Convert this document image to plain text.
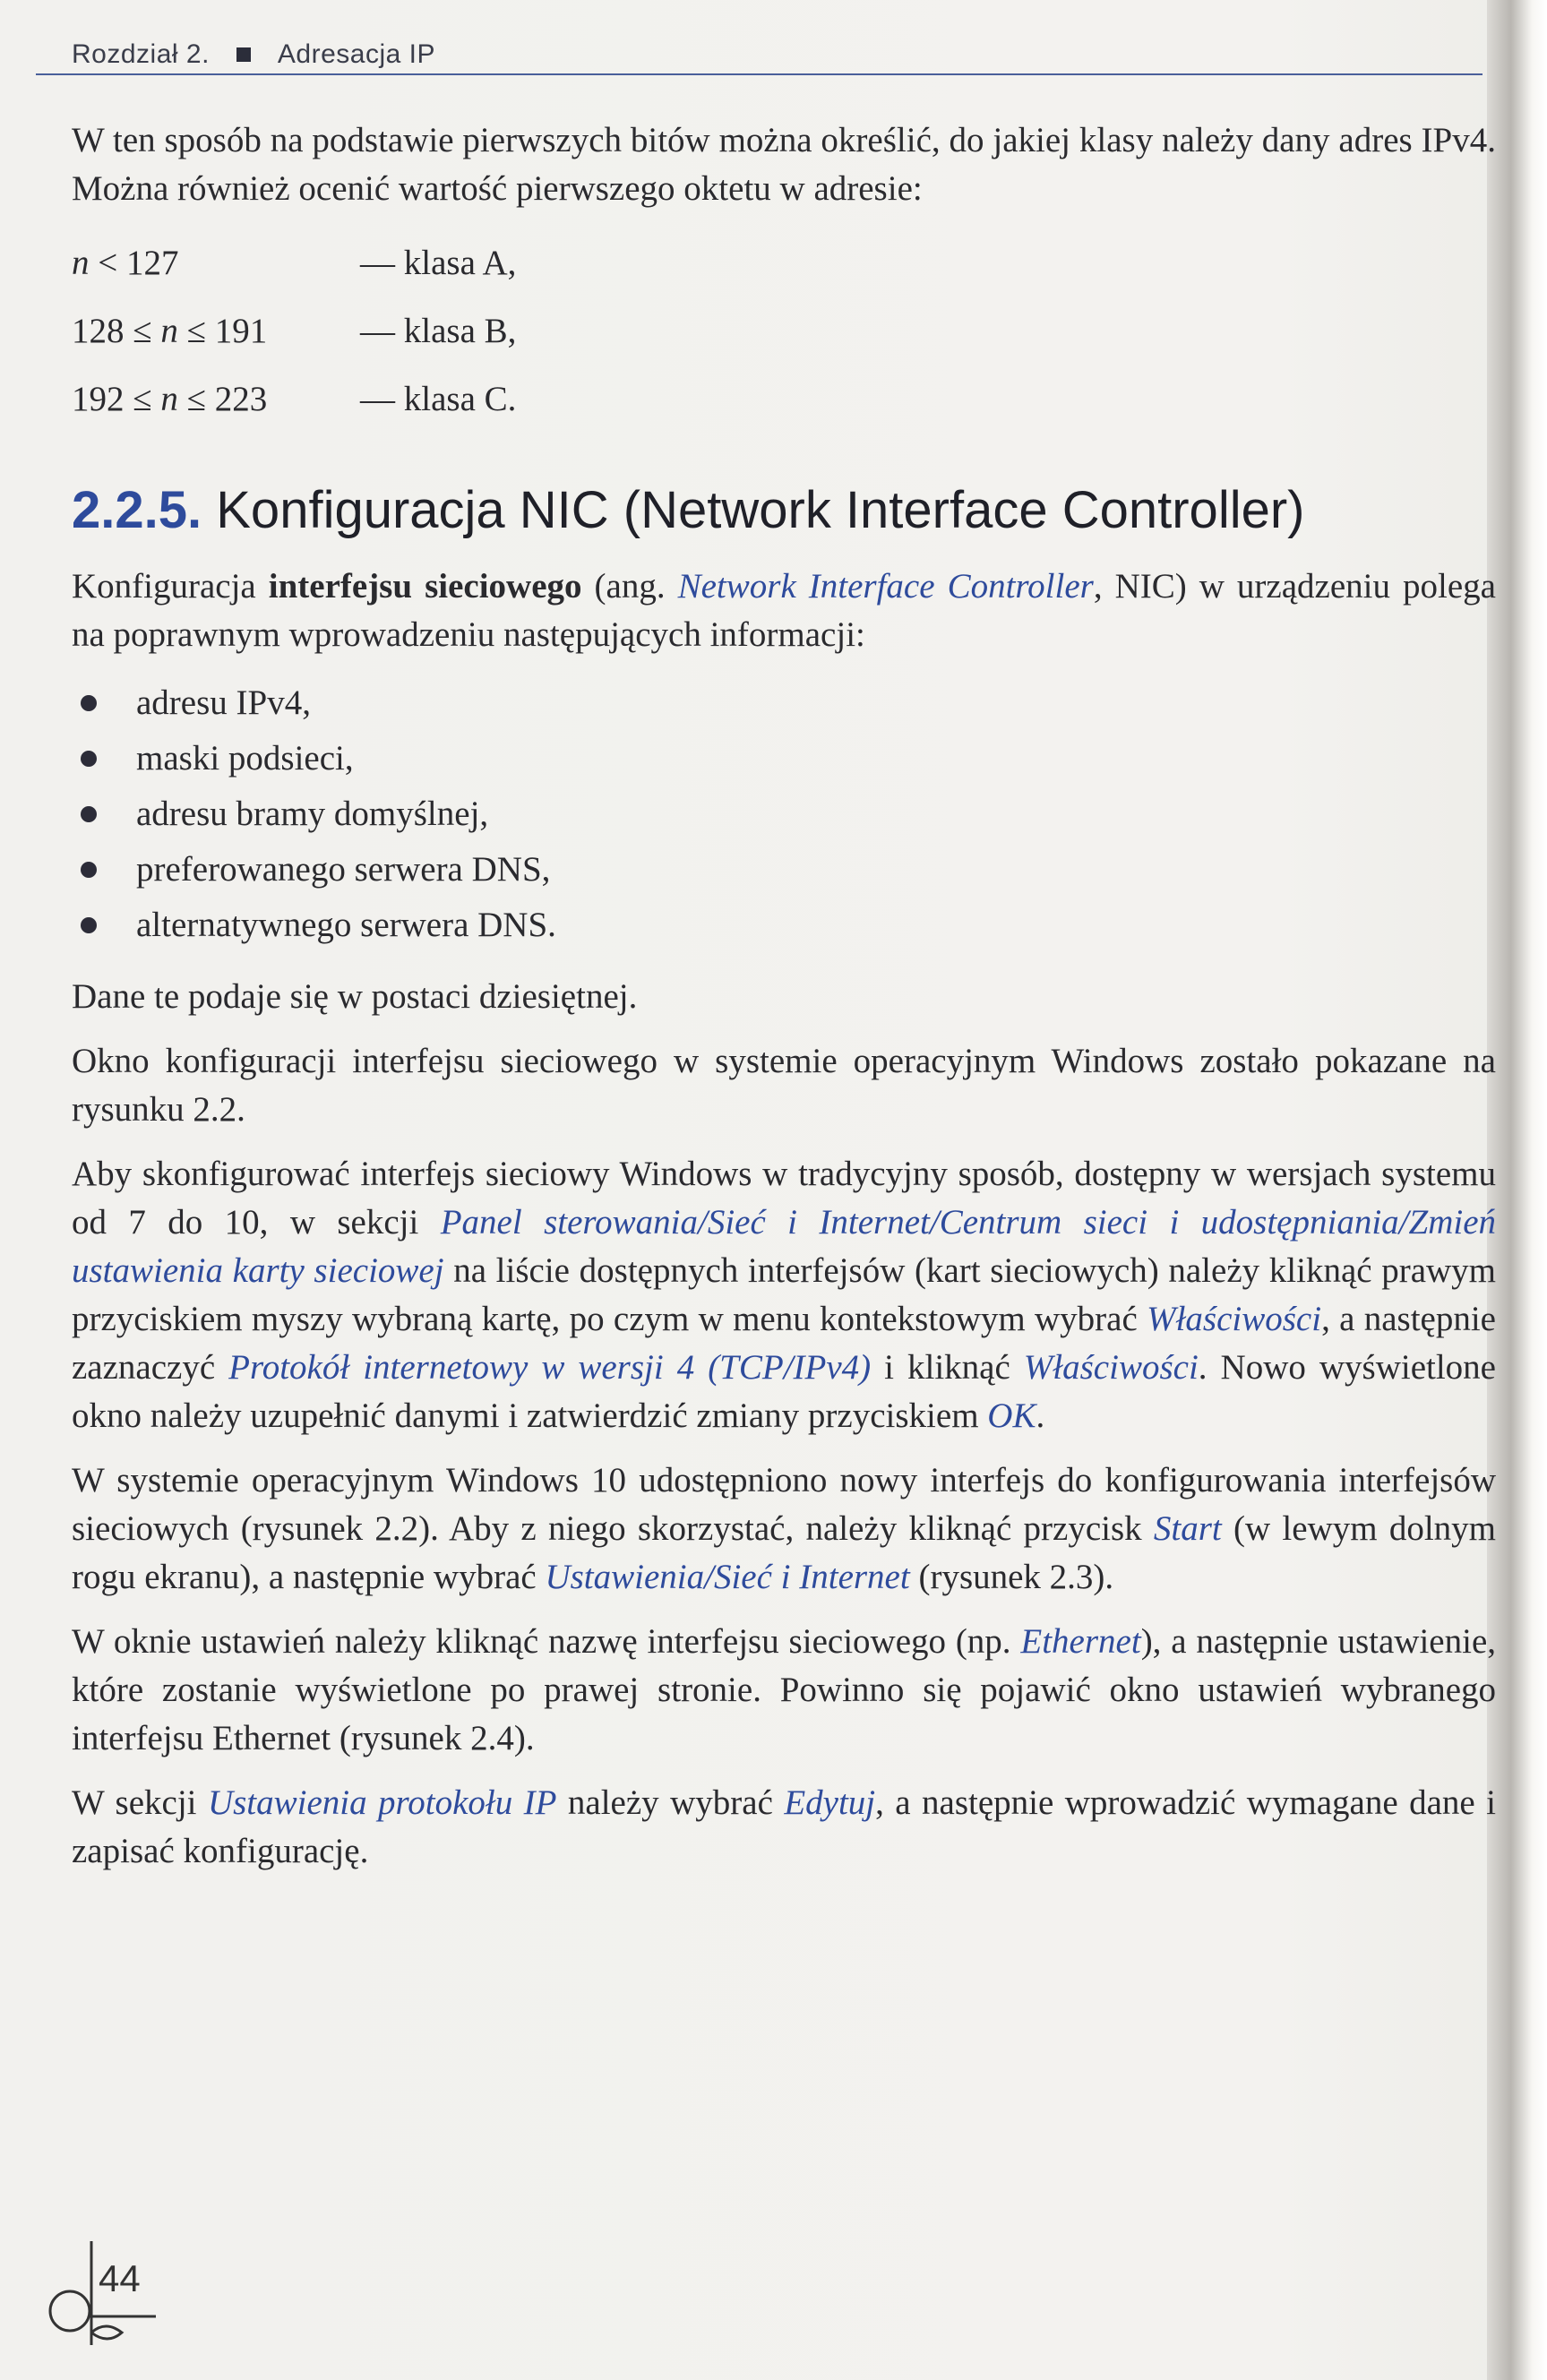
Rozdział 2.	Adresacja IP

W ten sposób na podstawie pierwszych bitów można określić, do jakiej klasy należy dany adres IPv4. Można również ocenić wartość pierwszego oktetu w adresie:

n < 127	— klasa A,
128 ≤ n ≤ 191	— klasa B,
192 ≤ n ≤ 223	— klasa C.
2.2.5. Konfiguracja NIC (Network Interface Controller)

Konfiguracja interfejsu sieciowego (ang. Network Interface Controller, NIC) w urządzeniu polega na poprawnym wprowadzeniu następujących informacji:

adresu IPv4,
maski podsieci,
adresu bramy domyślnej,
preferowanego serwera DNS,
alternatywnego serwera DNS.

Dane te podaje się w postaci dziesiętnej.

Okno konfiguracji interfejsu sieciowego w systemie operacyjnym Windows zostało pokazane na rysunku 2.2.

Aby skonfigurować interfejs sieciowy Windows w tradycyjny sposób, dostępny w wersjach systemu od 7 do 10, w sekcji Panel sterowania/Sieć i Internet/Centrum sieci i udostępniania/Zmień ustawienia karty sieciowej na liście dostępnych interfejsów (kart sieciowych) należy kliknąć prawym przyciskiem myszy wybraną kartę, po czym w menu kontekstowym wybrać Właściwości, a następnie zaznaczyć Protokół internetowy w wersji 4 (TCP/IPv4) i kliknąć Właściwości. Nowo wyświetlone okno należy uzupełnić danymi i zatwierdzić zmiany przyciskiem OK.

W systemie operacyjnym Windows 10 udostępniono nowy interfejs do konfigurowania interfejsów sieciowych (rysunek 2.2). Aby z niego skorzystać, należy kliknąć przycisk Start (w lewym dolnym rogu ekranu), a następnie wybrać Ustawienia/Sieć i Internet (rysunek 2.3).

W oknie ustawień należy kliknąć nazwę interfejsu sieciowego (np. Ethernet), a następnie ustawienie, które zostanie wyświetlone po prawej stronie. Powinno się pojawić okno ustawień wybranego interfejsu Ethernet (rysunek 2.4).

W sekcji Ustawienia protokołu IP należy wybrać Edytuj, a następnie wprowadzić wymagane dane i zapisać konfigurację.

44
